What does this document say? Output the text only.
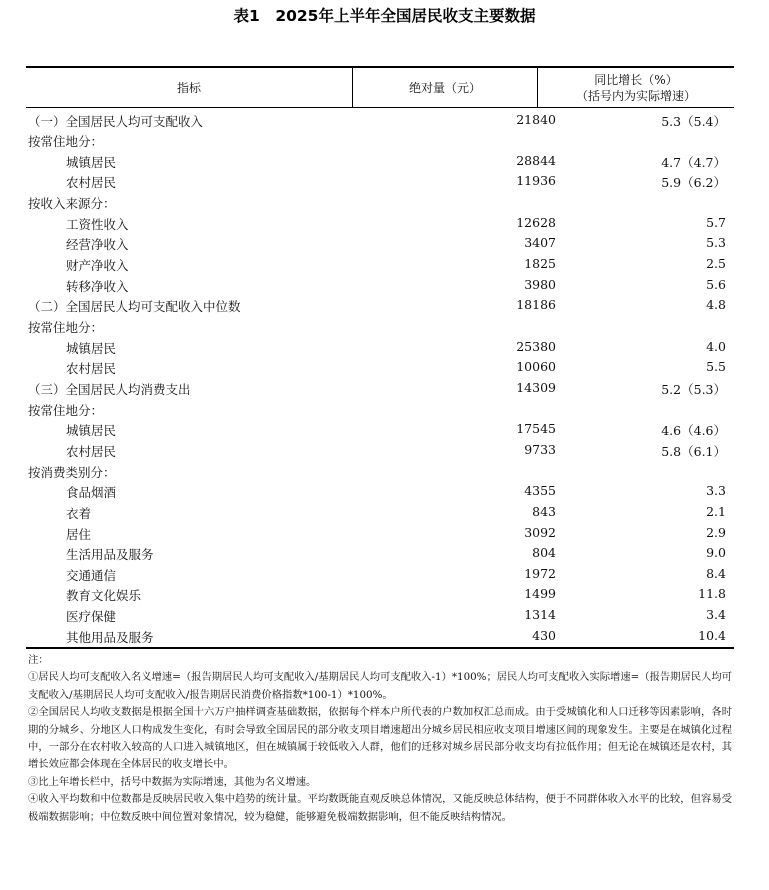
表1　2025年上半年全国居民收支主要数据
指标	绝对量（元）
同比增长（%）
（括号内为实际增速）
（一）全国居民人均可支配收入	21840	5.3（5.4）
按常住地分：
城镇居民	28844	4.7（4.7）
农村居民	11936	5.9（6.2）
按收入来源分：
工资性收入	12628	5.7
经营净收入	3407	5.3
财产净收入	1825	2.5
转移净收入	3980	5.6
（二）全国居民人均可支配收入中位数	18186	4.8
按常住地分：
城镇居民	25380	4.0
农村居民	10060	5.5
（三）全国居民人均消费支出	14309	5.2（5.3）
按常住地分：
城镇居民	17545	4.6（4.6）
农村居民	9733	5.8（6.1）
按消费类别分：
食品烟酒	4355	3.3
衣着	843	2.1
居住	3092	2.9
生活用品及服务	804	9.0
交通通信	1972	8.4
教育文化娱乐	1499	11.8
医疗保健	1314	3.4
其他用品及服务	430	10.4

注：

①居民人均可支配收入名义增速=（报告期居民人均可支配收入/基期居民人均可支配收入-1）*100%；居民人均可支配收入实际增速=（报告期居民人均可支配收入/基期居民人均可支配收入/报告期居民消费价格指数*100-1）*100%。

②全国居民人均收支数据是根据全国十六万户抽样调查基础数据，依据每个样本户所代表的户数加权汇总而成。由于受城镇化和人口迁移等因素影响，各时期的分城乡、分地区人口构成发生变化，有时会导致全国居民的部分收支项目增速超出分城乡居民相应收支项目增速区间的现象发生。主要是在城镇化过程中，一部分在农村收入较高的人口进入城镇地区，但在城镇属于较低收入人群，他们的迁移对城乡居民部分收支均有拉低作用；但无论在城镇还是农村，其增长效应都会体现在全体居民的收支增长中。

③比上年增长栏中，括号中数据为实际增速，其他为名义增速。

④收入平均数和中位数都是反映居民收入集中趋势的统计量。平均数既能直观反映总体情况，又能反映总体结构，便于不同群体收入水平的比较，但容易受极端数据影响；中位数反映中间位置对象情况，较为稳健，能够避免极端数据影响，但不能反映结构情况。
